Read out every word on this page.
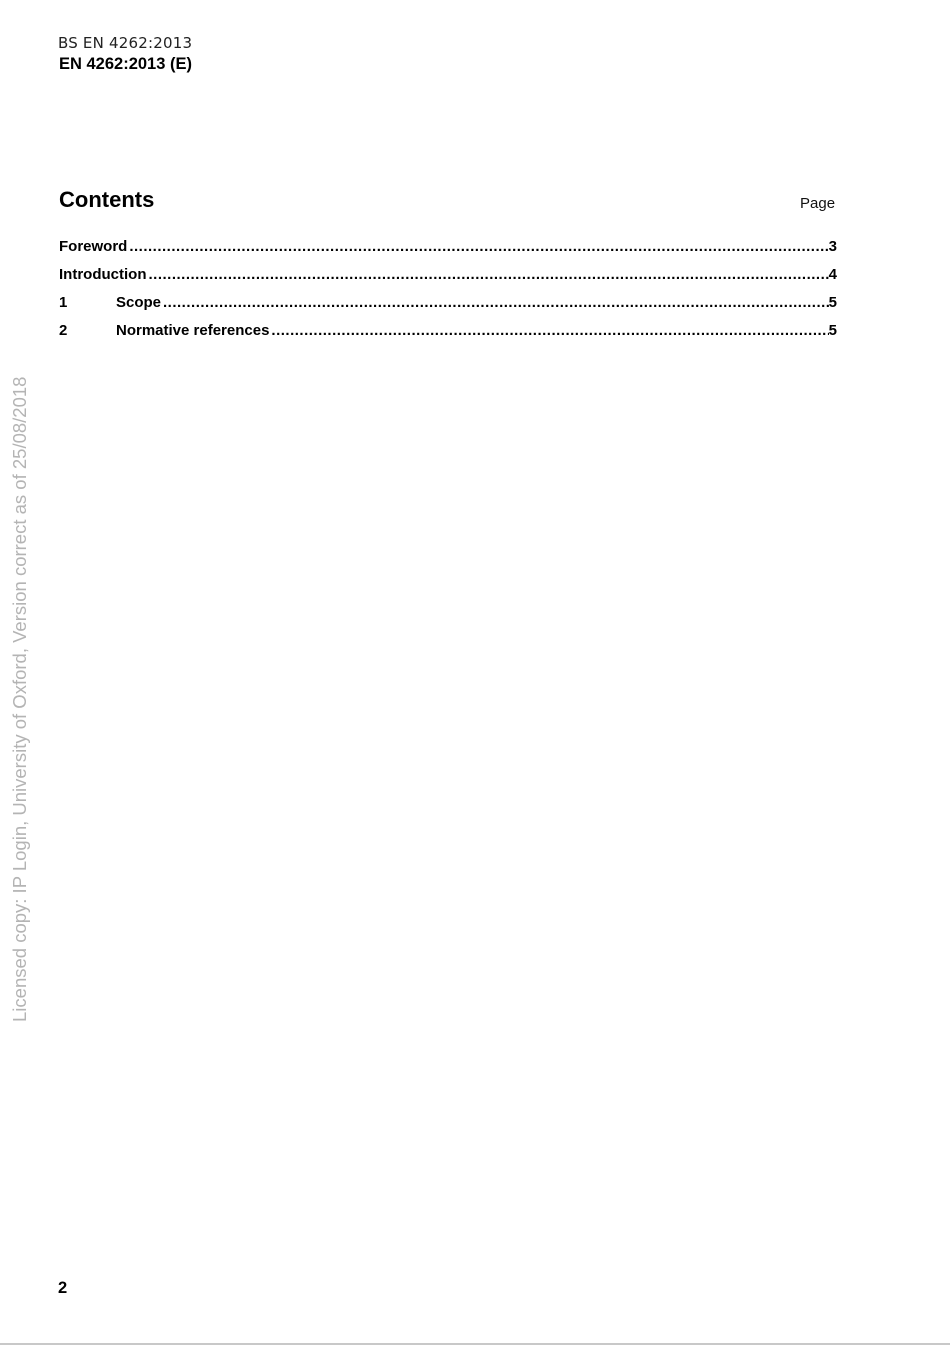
BS EN 4262:2013
EN 4262:2013 (E)
Contents	Page
Foreword .....	3
Introduction .....	4
1	Scope .....	5
2	Normative references .....	5
Licensed copy: IP Login, University of Oxford, Version correct as of 25/08/2018
2
